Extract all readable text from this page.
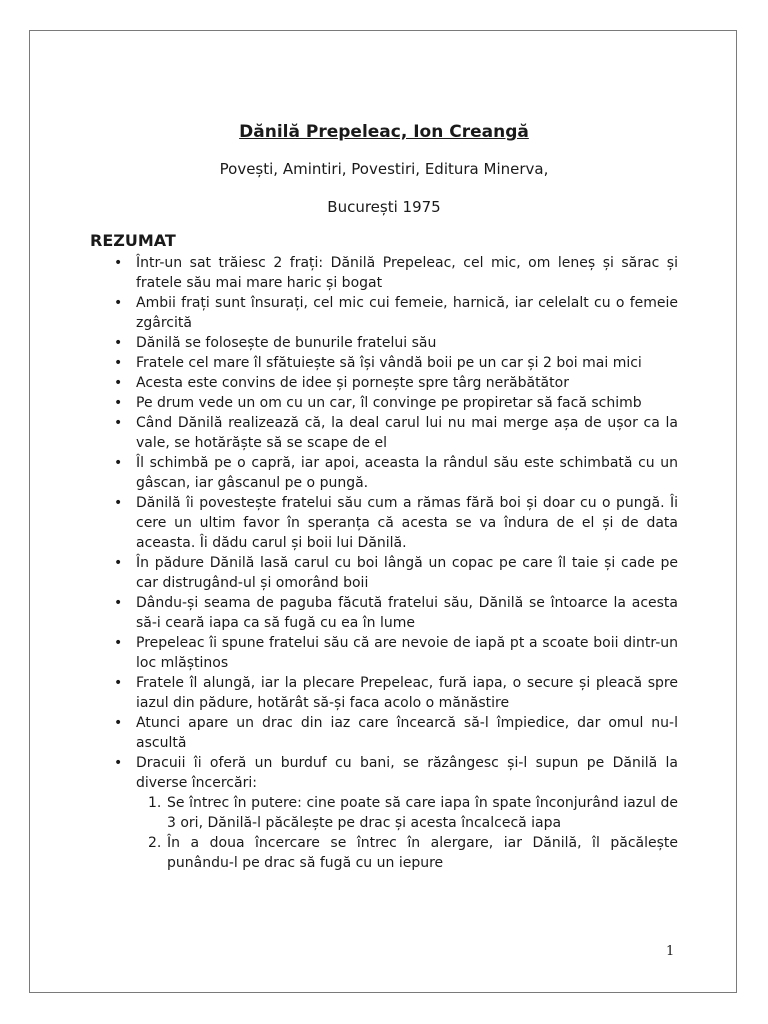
Dănilă Prepeleac, Ion Creangă
Povești, Amintiri, Povestiri, Editura Minerva,
București 1975
REZUMAT
• Într-un sat trăiesc 2 frați: Dănilă Prepeleac, cel mic, om leneș și sărac și fratele său mai mare haric și bogat
• Ambii frați sunt însurați, cel mic cui femeie, harnică, iar celelalt cu o femeie zgârcită
• Dănilă se folosește de bunurile fratelui său
• Fratele cel mare îl sfătuiește să își vândă boii pe un car și 2 boi mai mici
• Acesta este convins de idee și pornește spre târg nerăbătător
• Pe drum vede un om cu un car, îl convinge pe propiretar să facă schimb
• Când Dănilă realizează că, la deal carul lui nu mai merge așa de ușor ca la vale, se hotărăște să se scape de el
• Îl schimbă pe o capră, iar apoi, aceasta la rândul său este schimbată cu un gâscan, iar gâscanul pe o pungă.
• Dănilă îi povestește fratelui său cum a rămas fără boi și doar cu o pungă. Îi cere un ultim favor în speranța că acesta se va îndura de el și de data aceasta. Îi dădu carul și boii lui Dănilă.
• În pădure Dănilă lasă carul cu boi lângă un copac pe care îl taie și cade pe car distrugând-ul și omorând boii
• Dându-și seama de paguba făcută fratelui său, Dănilă se întoarce la acesta să-i ceară iapa ca să fugă cu ea în lume
• Prepeleac îi spune fratelui său că are nevoie de iapă pt a scoate boii dintr-un loc mlăștinos
• Fratele îl alungă, iar la plecare Prepeleac, fură iapa, o secure și pleacă spre iazul din pădure, hotărât să-și faca acolo o mănăstire
• Atunci apare un drac din iaz care încearcă să-l împiedice, dar omul nu-l ascultă
• Dracuii îi oferă un burduf cu bani, se răzângesc și-l supun pe Dănilă la diverse încercări:
1. Se întrec în putere: cine poate să care iapa în spate înconjurând iazul de 3 ori, Dănilă-l păcălește pe drac și acesta încalcecă iapa
2. În a doua încercare se întrec în alergare, iar Dănilă, îl păcălește punându-l pe drac să fugă cu un iepure
1
